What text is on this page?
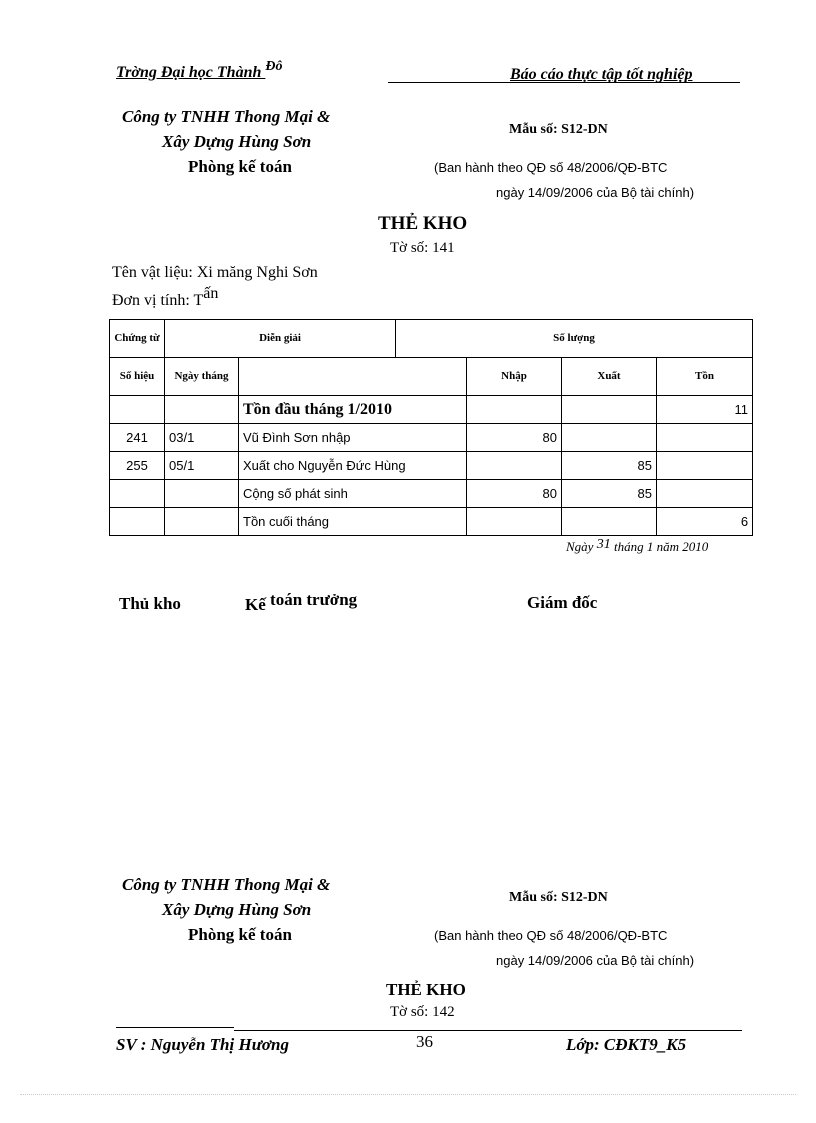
Trờng Đại học Thành Đô	Báo cáo thực tập tốt nghiệp
Công ty TNHH Thong Mại &
Xây Dựng Hùng Sơn
Phòng kế toán
Mẫu số: S12-DN
(Ban hành theo QĐ số 48/2006/QĐ-BTC
ngày 14/09/2006 của Bộ tài chính)
THẺ KHO
Tờ số: 141
Tên vật liệu: Xi măng Nghi Sơn
Đơn vị tính: Tấn
Chứng từ	Diễn giải		Số lượng			
Số hiệu	Ngày tháng			Nhập	Xuất	Tồn
		Tồn đầu tháng 1/2010				11
241	03/1	Vũ Đình Sơn nhập		80		
255	05/1	Xuất cho Nguyễn Đức Hùng			85	
		Cộng số phát sinh		80	85	
		Tồn cuối tháng				6
Ngày 31 tháng 1 năm 2010
Thủ kho	Kế toán trưởng	Giám đốc
Công ty TNHH Thong Mại &
Xây Dựng Hùng Sơn
Phòng kế toán
Mẫu số: S12-DN
(Ban hành theo QĐ số 48/2006/QĐ-BTC
ngày 14/09/2006 của Bộ tài chính)
THẺ KHO
Tờ số: 142
SV : Nguyễn Thị Hương	36	Lớp: CĐKT9_K5
